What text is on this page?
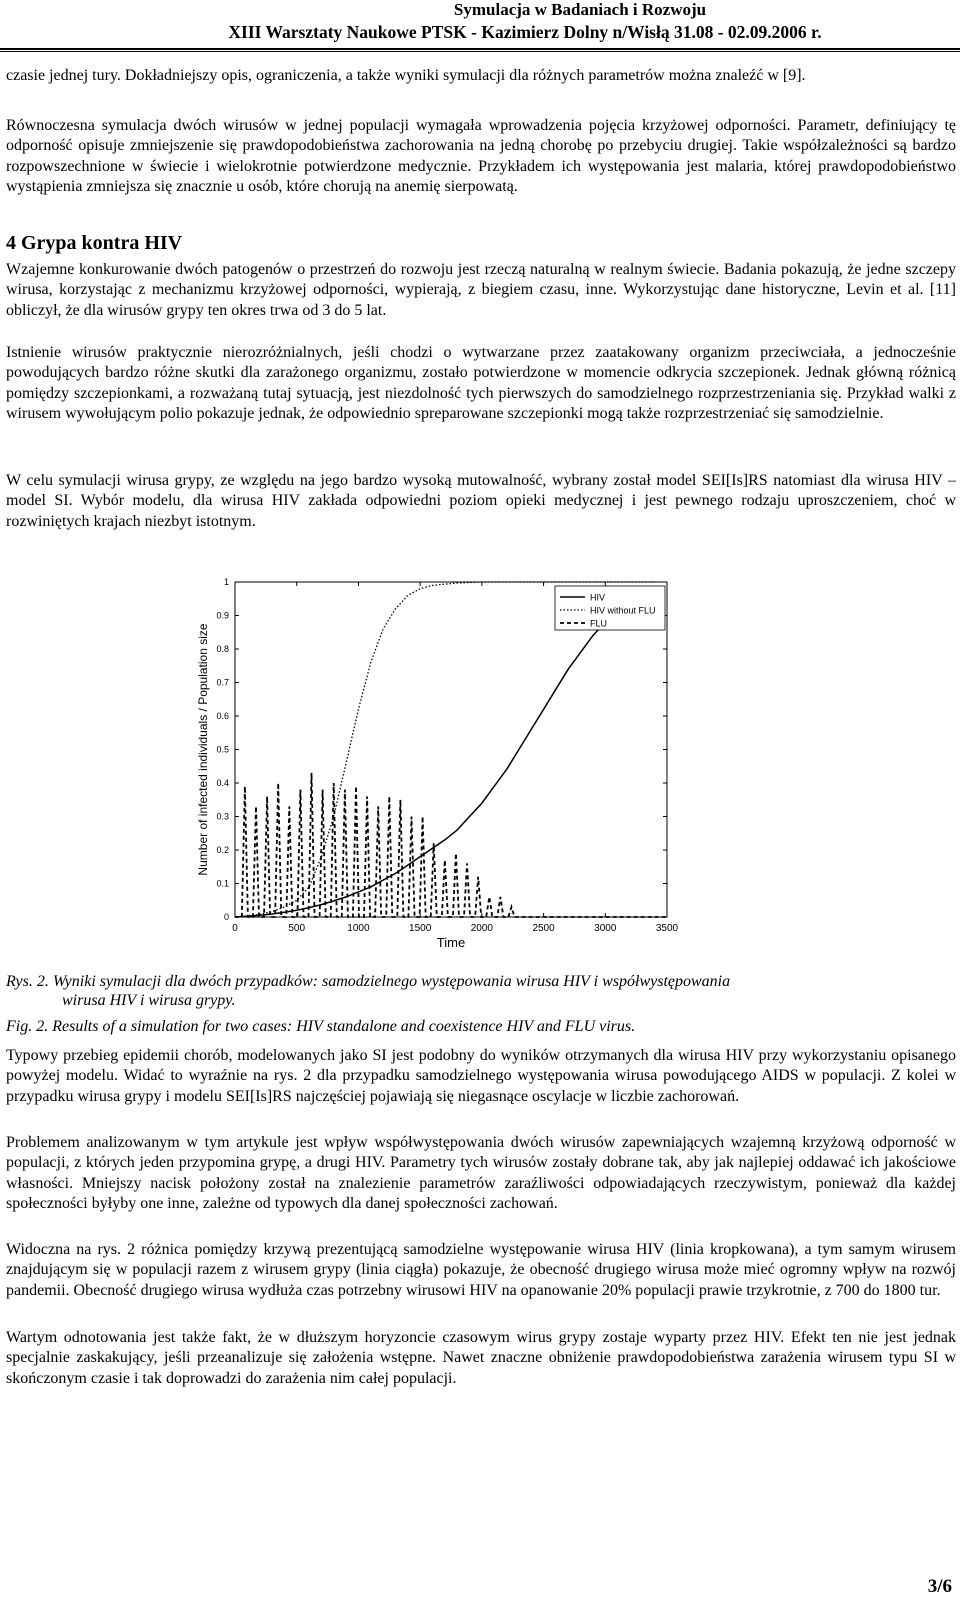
Symulacja w Badaniach i Rozwoju
XIII Warsztaty Naukowe PTSK - Kazimierz Dolny n/Wisłą 31.08 - 02.09.2006 r.

czasie jednej tury. Dokładniejszy opis, ograniczenia, a także wyniki symulacji dla różnych parametrów można znaleźć w [9].

Równoczesna symulacja dwóch wirusów w jednej populacji wymagała wprowadzenia pojęcia krzyżowej odporności. Parametr, definiujący tę odporność opisuje zmniejszenie się prawdopodobieństwa zachorowania na jedną chorobę po przebyciu drugiej. Takie współzależności są bardzo rozpowszechnione w świecie i wielokrotnie potwierdzone medycznie. Przykładem ich występowania jest malaria, której prawdopodobieństwo wystąpienia zmniejsza się znacznie u osób, które chorują na anemię sierpowatą.

4 Grypa kontra HIV

Wzajemne konkurowanie dwóch patogenów o przestrzeń do rozwoju jest rzeczą naturalną w realnym świecie. Badania pokazują, że jedne szczepy wirusa, korzystając z mechanizmu krzyżowej odporności, wypierają, z biegiem czasu, inne. Wykorzystując dane historyczne, Levin et al. [11] obliczył, że dla wirusów grypy ten okres trwa od 3 do 5 lat.

Istnienie wirusów praktycznie nierozróżnialnych, jeśli chodzi o wytwarzane przez zaatakowany organizm przeciwciała, a jednocześnie powodujących bardzo różne skutki dla zarażonego organizmu, zostało potwierdzone w momencie odkrycia szczepionek. Jednak główną różnicą pomiędzy szczepionkami, a rozważaną tutaj sytuacją, jest niezdolność tych pierwszych do samodzielnego rozprzestrzeniania się. Przykład walki z wirusem wywołującym polio pokazuje jednak, że odpowiednio spreparowane szczepionki mogą także rozprzestrzeniać się samodzielnie.

W celu symulacji wirusa grypy, ze względu na jego bardzo wysoką mutowalność, wybrany został model SEI[Is]RS natomiast dla wirusa HIV – model SI. Wybór modelu, dla wirusa HIV zakłada odpowiedni poziom opieki medycznej i jest pewnego rodzaju uproszczeniem, choć w rozwiniętych krajach niezbyt istotnym.

0	500	1000	1500	2000	2500	3000	3500
0
0.1
0.2
0.3
0.4
0.5
0.6
0.7
0.8
0.9
1
Time
Number of infected individuals / Population size
HIV
HIV without FLU
FLU
Rys. 2. Wyniki symulacji dla dwóch przypadków: samodzielnego występowania wirusa HIV i współwystępowania
wirusa HIV i wirusa grypy.

Fig. 2. Results of a simulation for two cases: HIV standalone and coexistence HIV and FLU virus.

Typowy przebieg epidemii chorób, modelowanych jako SI jest podobny do wyników otrzymanych dla wirusa HIV przy wykorzystaniu opisanego powyżej modelu. Widać to wyraźnie na rys. 2 dla przypadku samodzielnego występowania wirusa powodującego AIDS w populacji. Z kolei w przypadku wirusa grypy i modelu SEI[Is]RS najczęściej pojawiają się niegasnące oscylacje w liczbie zachorowań.

Problemem analizowanym w tym artykule jest wpływ współwystępowania dwóch wirusów zapewniających wzajemną krzyżową odporność w populacji, z których jeden przypomina grypę, a drugi HIV. Parametry tych wirusów zostały dobrane tak, aby jak najlepiej oddawać ich jakościowe własności. Mniejszy nacisk położony został na znalezienie parametrów zaraźliwości odpowiadających rzeczywistym, ponieważ dla każdej społeczności byłyby one inne, zależne od typowych dla danej społeczności zachowań.

Widoczna na rys. 2 różnica pomiędzy krzywą prezentującą samodzielne występowanie wirusa HIV (linia kropkowana), a tym samym wirusem znajdującym się w populacji razem z wirusem grypy (linia ciągła) pokazuje, że obecność drugiego wirusa może mieć ogromny wpływ na rozwój pandemii. Obecność drugiego wirusa wydłuża czas potrzebny wirusowi HIV na opanowanie 20% populacji prawie trzykrotnie, z 700 do 1800 tur.

Wartym odnotowania jest także fakt, że w dłuższym horyzoncie czasowym wirus grypy zostaje wyparty przez HIV. Efekt ten nie jest jednak specjalnie zaskakujący, jeśli przeanalizuje się założenia wstępne. Nawet znaczne obniżenie prawdopodobieństwa zarażenia wirusem typu SI w skończonym czasie i tak doprowadzi do zarażenia nim całej populacji.

3/6
